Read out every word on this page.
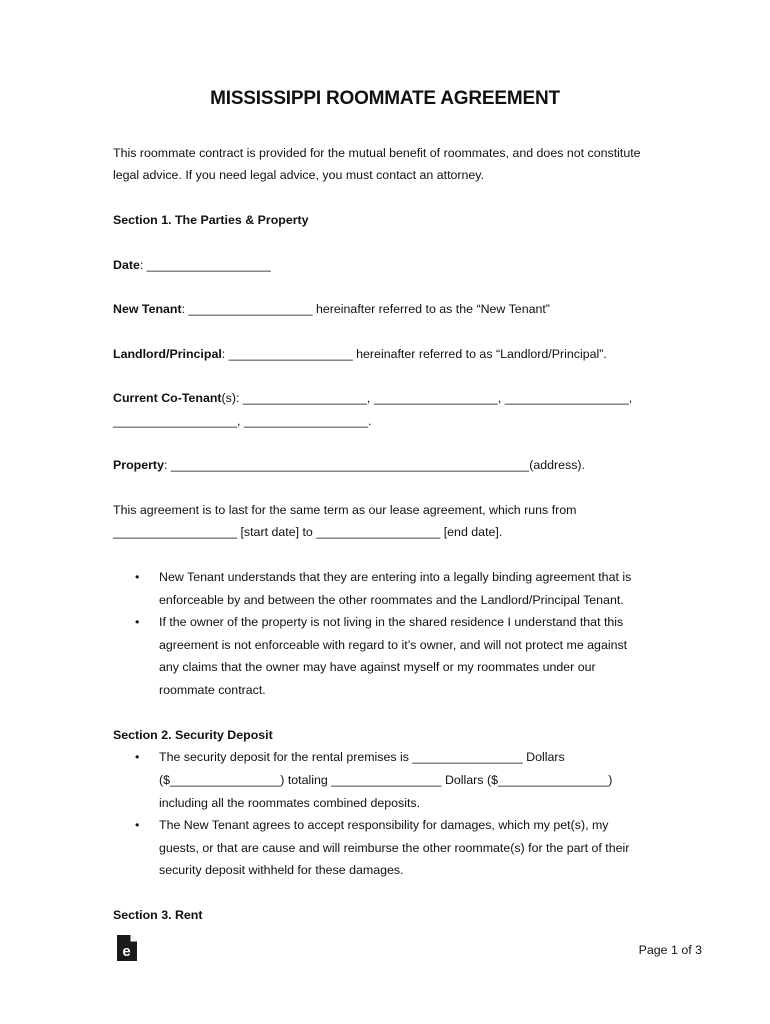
MISSISSIPPI ROOMMATE AGREEMENT
This roommate contract is provided for the mutual benefit of roommates, and does not constitute
legal advice. If you need legal advice, you must contact an attorney.
Section 1. The Parties & Property
Date: __________________
New Tenant: __________________ hereinafter referred to as the “New Tenant”
Landlord/Principal: __________________ hereinafter referred to as “Landlord/Principal”.
Current Co-Tenant(s): __________________, __________________, __________________,
__________________, __________________.
Property: ____________________________________________________(address).
This agreement is to last for the same term as our lease agreement, which runs from
__________________ [start date] to __________________ [end date].
• New Tenant understands that they are entering into a legally binding agreement that is
enforceable by and between the other roommates and the Landlord/Principal Tenant.
• If the owner of the property is not living in the shared residence I understand that this
agreement is not enforceable with regard to it’s owner, and will not protect me against
any claims that the owner may have against myself or my roommates under our
roommate contract.
Section 2. Security Deposit
• The security deposit for the rental premises is ________________ Dollars
($________________) totaling ________________ Dollars ($________________)
including all the roommates combined deposits.
• The New Tenant agrees to accept responsibility for damages, which my pet(s), my
guests, or that are cause and will reimburse the other roommate(s) for the part of their
security deposit withheld for these damages.
Section 3. Rent
e	Page 1 of 3
